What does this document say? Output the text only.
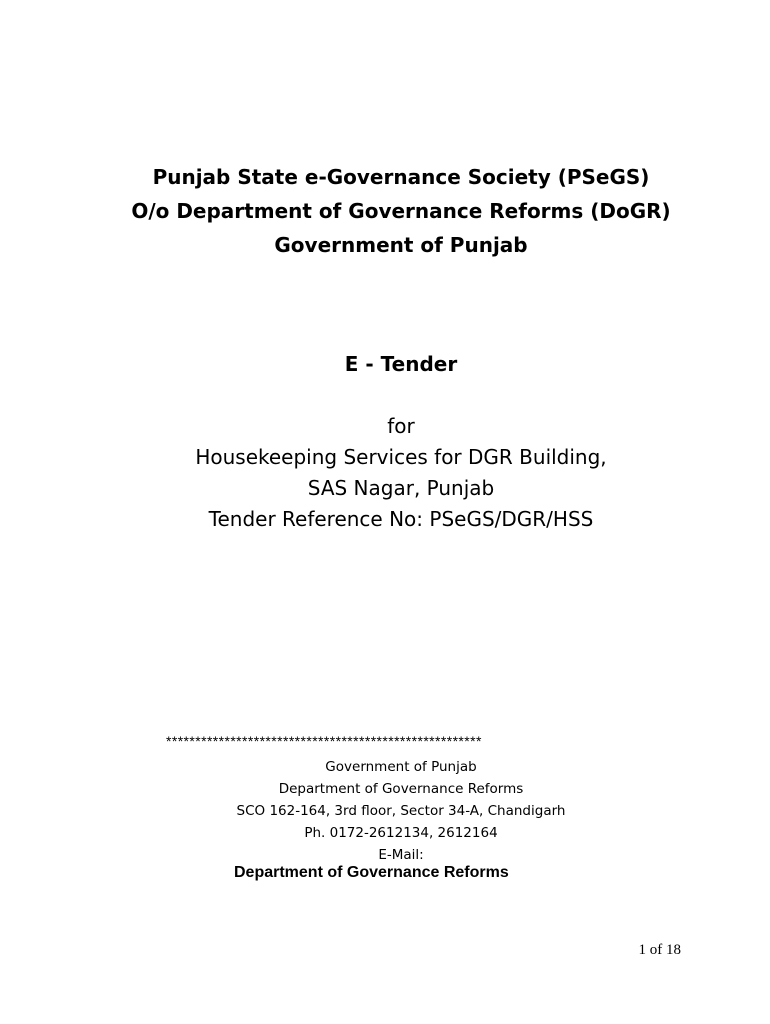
Punjab State e-Governance Society (PSeGS)
O/o Department of Governance Reforms (DoGR)
Government of Punjab
E - Tender
for
Housekeeping Services for DGR Building,
SAS Nagar, Punjab
Tender Reference No: PSeGS/DGR/HSS
******************************************************
Government of Punjab
Department of Governance Reforms
SCO 162-164, 3rd floor, Sector 34-A, Chandigarh
Ph. 0172-2612134, 2612164
E-Mail:
Department of Governance Reforms
1 of 18
